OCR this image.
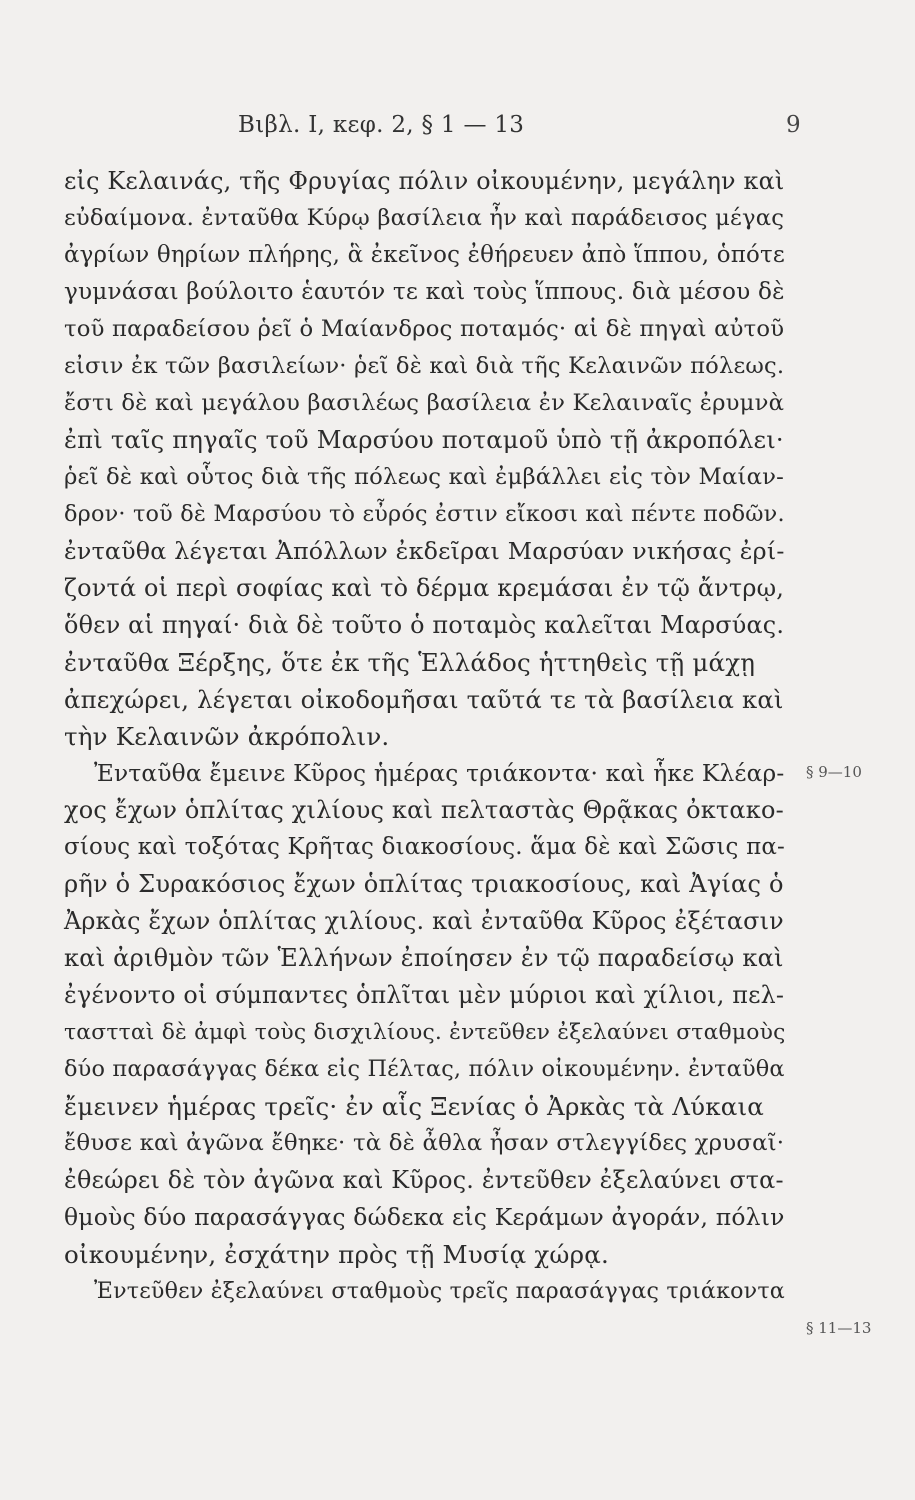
Βιβλ. Ι, κεφ. 2, § 1 — 13	9
εἰς Κελαινάς, τῆς Φρυγίας πόλιν οἰκουμένην, μεγάλην καὶ
εὐδαίμονα. ἐνταῦθα Κύρῳ βασίλεια ἦν καὶ παράδεισος μέγας
ἀγρίων θηρίων πλήρης, ἃ ἐκεῖνος ἐθήρευεν ἀπὸ ἵππου, ὁπότε
γυμνάσαι βούλοιτο ἑαυτόν τε καὶ τοὺς ἵππους. διὰ μέσου δὲ
τοῦ παραδείσου ῥεῖ ὁ Μαίανδρος ποταμός· αἱ δὲ πηγαὶ αὐτοῦ
εἰσιν ἐκ τῶν βασιλείων· ῥεῖ δὲ καὶ διὰ τῆς Κελαινῶν πόλεως.
ἔστι δὲ καὶ μεγάλου βασιλέως βασίλεια ἐν Κελαιναῖς ἐρυμνὰ
ἐπὶ ταῖς πηγαῖς τοῦ Μαρσύου ποταμοῦ ὑπὸ τῇ ἀκροπόλει·
ῥεῖ δὲ καὶ οὗτος διὰ τῆς πόλεως καὶ ἐμβάλλει εἰς τὸν Μαίαν-
δρον· τοῦ δὲ Μαρσύου τὸ εὖρός ἐστιν εἴκοσι καὶ πέντε ποδῶν.
ἐνταῦθα λέγεται Ἀπόλλων ἐκδεῖραι Μαρσύαν νικήσας ἐρί-
ζοντά οἱ περὶ σοφίας καὶ τὸ δέρμα κρεμάσαι ἐν τῷ ἄντρῳ,
ὅθεν αἱ πηγαί· διὰ δὲ τοῦτο ὁ ποταμὸς καλεῖται Μαρσύας.
ἐνταῦθα Ξέρξης, ὅτε ἐκ τῆς Ἑλλάδος ἡττηθεὶς τῇ μάχῃ
ἀπεχώρει, λέγεται οἰκοδομῆσαι ταῦτά τε τὰ βασίλεια καὶ
τὴν Κελαινῶν ἀκρόπολιν.
Ἐνταῦθα ἔμεινε Κῦρος ἡμέρας τριάκοντα· καὶ ἧκε Κλέαρ-
χος ἔχων ὁπλίτας χιλίους καὶ πελταστὰς Θρᾷκας ὀκτακο-
σίους καὶ τοξότας Κρῆτας διακοσίους. ἅμα δὲ καὶ Σῶσις πα-
ρῆν ὁ Συρακόσιος ἔχων ὁπλίτας τριακοσίους, καὶ Ἀγίας ὁ
Ἀρκὰς ἔχων ὁπλίτας χιλίους. καὶ ἐνταῦθα Κῦρος ἐξέτασιν
καὶ ἀριθμὸν τῶν Ἑλλήνων ἐποίησεν ἐν τῷ παραδείσῳ καὶ
ἐγένοντο οἱ σύμπαντες ὁπλῖται μὲν μύριοι καὶ χίλιοι, πελ-
ταστταὶ δὲ ἀμφὶ τοὺς δισχιλίους. ἐντεῦθεν ἐξελαύνει σταθμοὺς
δύο παρασάγγας δέκα εἰς Πέλτας, πόλιν οἰκουμένην. ἐνταῦθα
ἔμεινεν ἡμέρας τρεῖς· ἐν αἷς Ξενίας ὁ Ἀρκὰς τὰ Λύκαια
ἔθυσε καὶ ἀγῶνα ἔθηκε· τὰ δὲ ἆθλα ἦσαν στλεγγίδες χρυσαῖ·
ἐθεώρει δὲ τὸν ἀγῶνα καὶ Κῦρος. ἐντεῦθεν ἐξελαύνει στα-
θμοὺς δύο παρασάγγας δώδεκα εἰς Κεράμων ἀγοράν, πόλιν
οἰκουμένην, ἐσχάτην πρὸς τῇ Μυσίᾳ χώρᾳ.
Ἐντεῦθεν ἐξελαύνει σταθμοὺς τρεῖς παρασάγγας τριάκοντα
§ 9—10
§ 11—13
